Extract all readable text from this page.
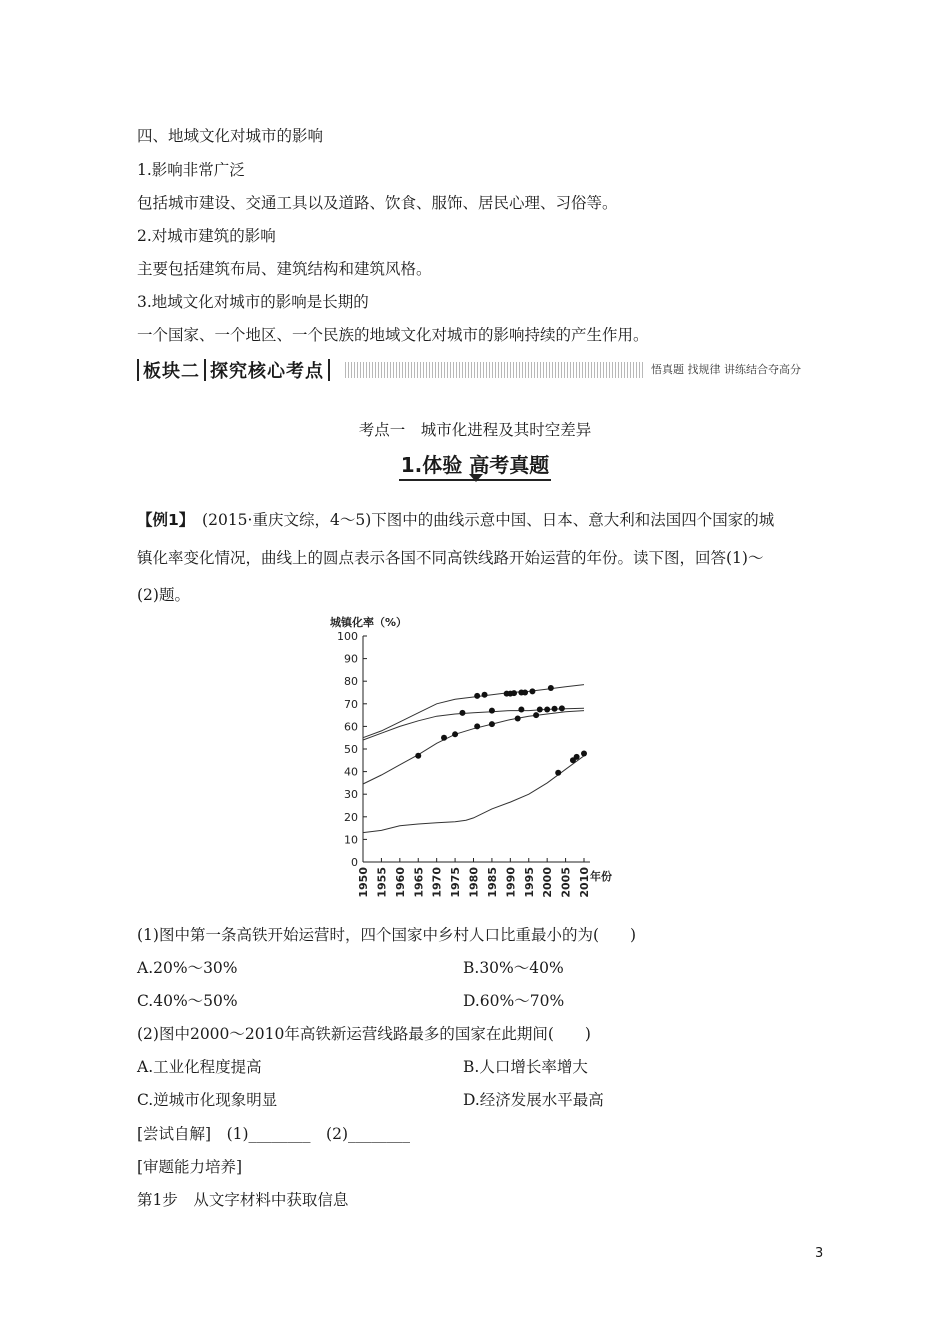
四、地域文化对城市的影响
1.影响非常广泛
包括城市建设、交通工具以及道路、饮食、服饰、居民心理、习俗等。
2.对城市建筑的影响
主要包括建筑布局、建筑结构和建筑风格。
3.地域文化对城市的影响是长期的
一个国家、一个地区、一个民族的地域文化对城市的影响持续的产生作用。
板块二 探究核心考点	悟真题 找规律 讲练结合夺高分
考点一　城市化进程及其时空差异
1.体验 高考真题
【例1】　(2015·重庆文综，4～5)下图中的曲线示意中国、日本、意大利和法国四个国家的城
镇化率变化情况，曲线上的圆点表示各国不同高铁线路开始运营的年份。读下图，回答(1)～
(2)题。
城镇化率（%）
0
10
20
30
40
50
60
70
80
90
100
1950 1955 1960 1965 1970 1975 1980 1985 1990 1995 2000 2005 2010 年份
(1)图中第一条高铁开始运营时，四个国家中乡村人口比重最小的为(　　)
A.20%～30%	B.30%～40%
C.40%～50%	D.60%～70%
(2)图中2000～2010年高铁新运营线路最多的国家在此期间(　　)
A.工业化程度提高	B.人口增长率增大
C.逆城市化现象明显	D.经济发展水平最高
[尝试自解]　(1)________　(2)________
[审题能力培养]
第1步　从文字材料中获取信息
3
